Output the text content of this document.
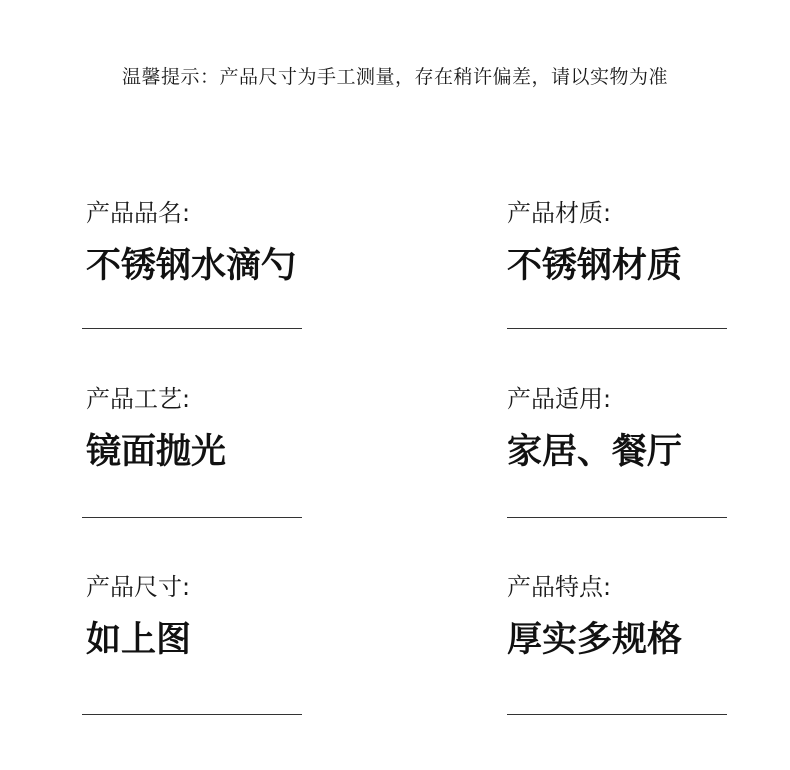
温馨提示：产品尺寸为手工测量，存在稍许偏差，请以实物为准
产品品名:
不锈钢水滴勺
产品材质:
不锈钢材质
产品工艺:
镜面抛光
产品适用:
家居、餐厅
产品尺寸:
如上图
产品特点:
厚实多规格
